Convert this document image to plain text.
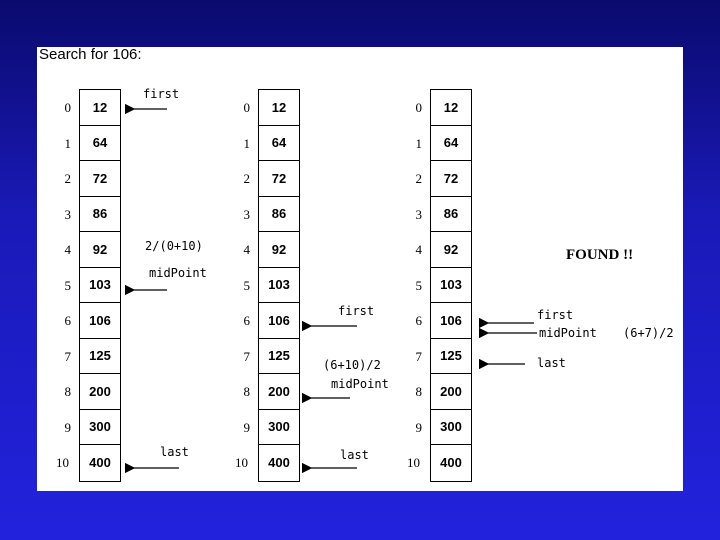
Search for 106:
0
1
2
3
4
5
6
7
8
9
10
12
64
72
86
92
103
106
125
200
300
400
0
1
2
3
4
5
6
7
8
9
10
12
64
72
86
92
103
106
125
200
300
400
0
1
2
3
4
5
6
7
8
9
10
12
64
72
86
92
103
106
125
200
300
400
first
(0+10)/2
midPoint
last
first
(6+10)/2
midPoint
last
first
midPoint (6+7)/2
last
FOUND !!
